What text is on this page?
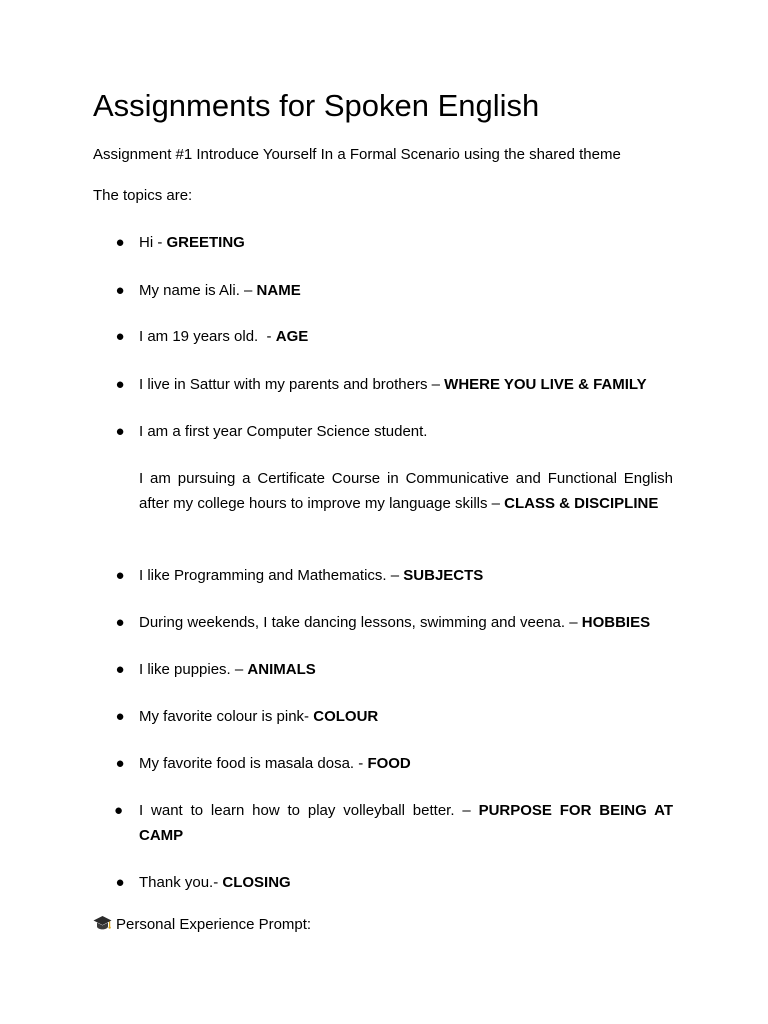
Assignments for Spoken English

Assignment #1 Introduce Yourself In a Formal Scenario using the shared theme

The topics are:

● Hi - GREETING
● My name is Ali. – NAME
● I am 19 years old.  - AGE
● I live in Sattur with my parents and brothers – WHERE YOU LIVE & FAMILY
● I am a first year Computer Science student.
● I like Programming and Mathematics. – SUBJECTS
● During weekends, I take dancing lessons, swimming and veena. – HOBBIES
● I like puppies. – ANIMALS
● My favorite colour is pink- COLOUR
● My favorite food is masala dosa. - FOOD
● I want to learn how to play volleyball better. – PURPOSE FOR BEING AT CAMP
● Thank you.- CLOSING

I am pursuing a Certificate Course in Communicative and Functional English after my college hours to improve my language skills – CLASS & DISCIPLINE

Personal Experience Prompt:
